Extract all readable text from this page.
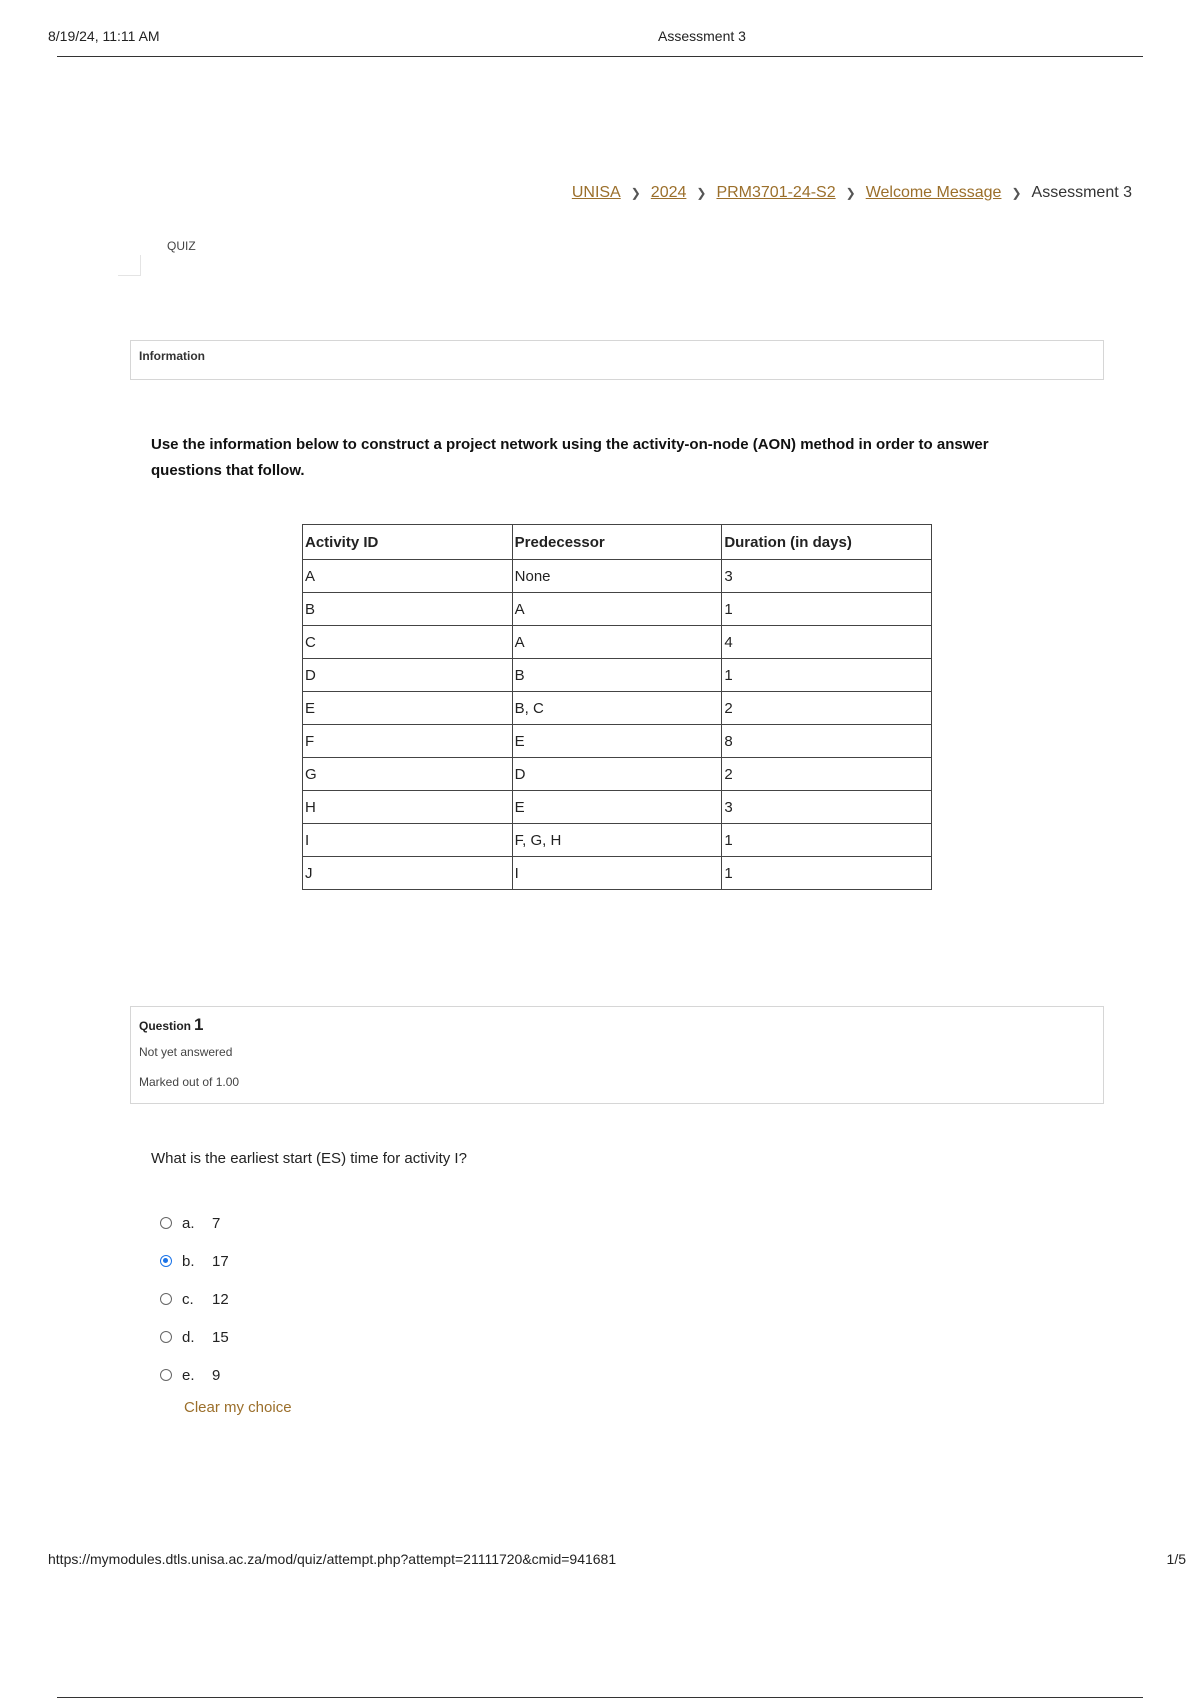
8/19/24, 11:11 AM	Assessment 3
UNISA ❯ 2024 ❯ PRM3701-24-S2 ❯ Welcome Message ❯ Assessment 3
QUIZ
Information
Use the information below to construct a project network using the activity-on-node (AON) method in order to answer questions that follow.
Activity ID	Predecessor	Duration (in days)
A	None	3
B	A	1
C	A	4
D	B	1
E	B, C	2
F	E	8
G	D	2
H	E	3
I	F, G, H	1
J	I	1
Question 1
Not yet answered
Marked out of 1.00
What is the earliest start (ES) time for activity I?
a.	7
b.	17
c.	12
d.	15
e.	9
Clear my choice
https://mymodules.dtls.unisa.ac.za/mod/quiz/attempt.php?attempt=21111720&cmid=941681	1/5
